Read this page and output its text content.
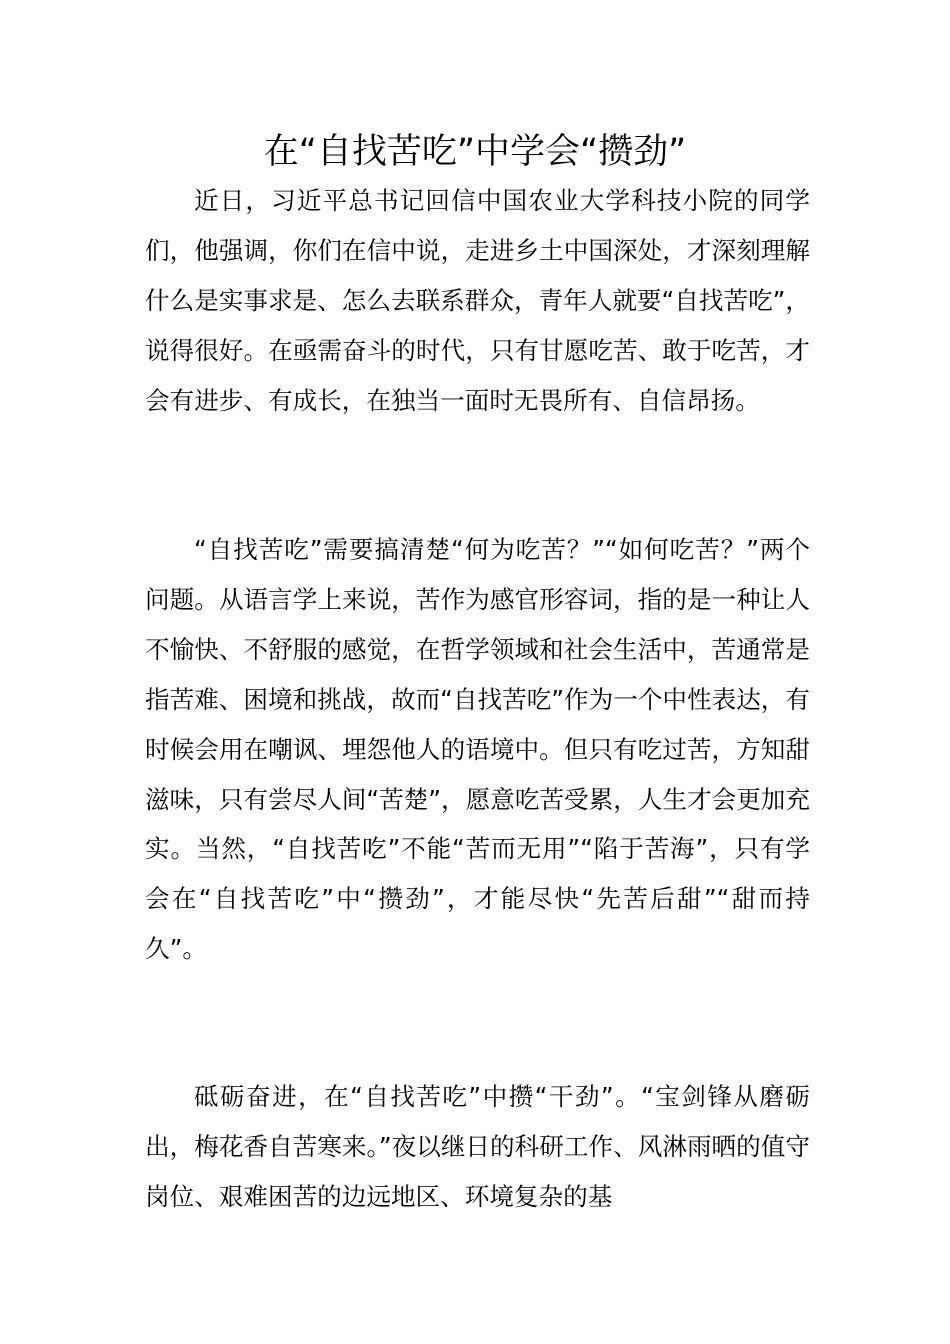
在“自找苦吃”中学会“攒劲”

近日，习近平总书记回信中国农业大学科技小院的同学们，他强调，你们在信中说，走进乡土中国深处，才深刻理解什么是实事求是、怎么去联系群众，青年人就要“自找苦吃”，说得很好。在亟需奋斗的时代，只有甘愿吃苦、敢于吃苦，才会有进步、有成长，在独当一面时无畏所有、自信昂扬。

“自找苦吃”需要搞清楚“何为吃苦？”“如何吃苦？”两个问题。从语言学上来说，苦作为感官形容词，指的是一种让人不愉快、不舒服的感觉，在哲学领域和社会生活中，苦通常是指苦难、困境和挑战，故而“自找苦吃”作为一个中性表达，有时候会用在嘲讽、埋怨他人的语境中。但只有吃过苦，方知甜滋味，只有尝尽人间“苦楚”，愿意吃苦受累，人生才会更加充实。当然，“自找苦吃”不能“苦而无用”“陷于苦海”，只有学会在“自找苦吃”中“攒劲”，才能尽快“先苦后甜”“甜而持久”。

砥砺奋进，在“自找苦吃”中攒“干劲”。“宝剑锋从磨砺出，梅花香自苦寒来。”夜以继日的科研工作、风淋雨晒的值守岗位、艰难困苦的边远地区、环境复杂的基
